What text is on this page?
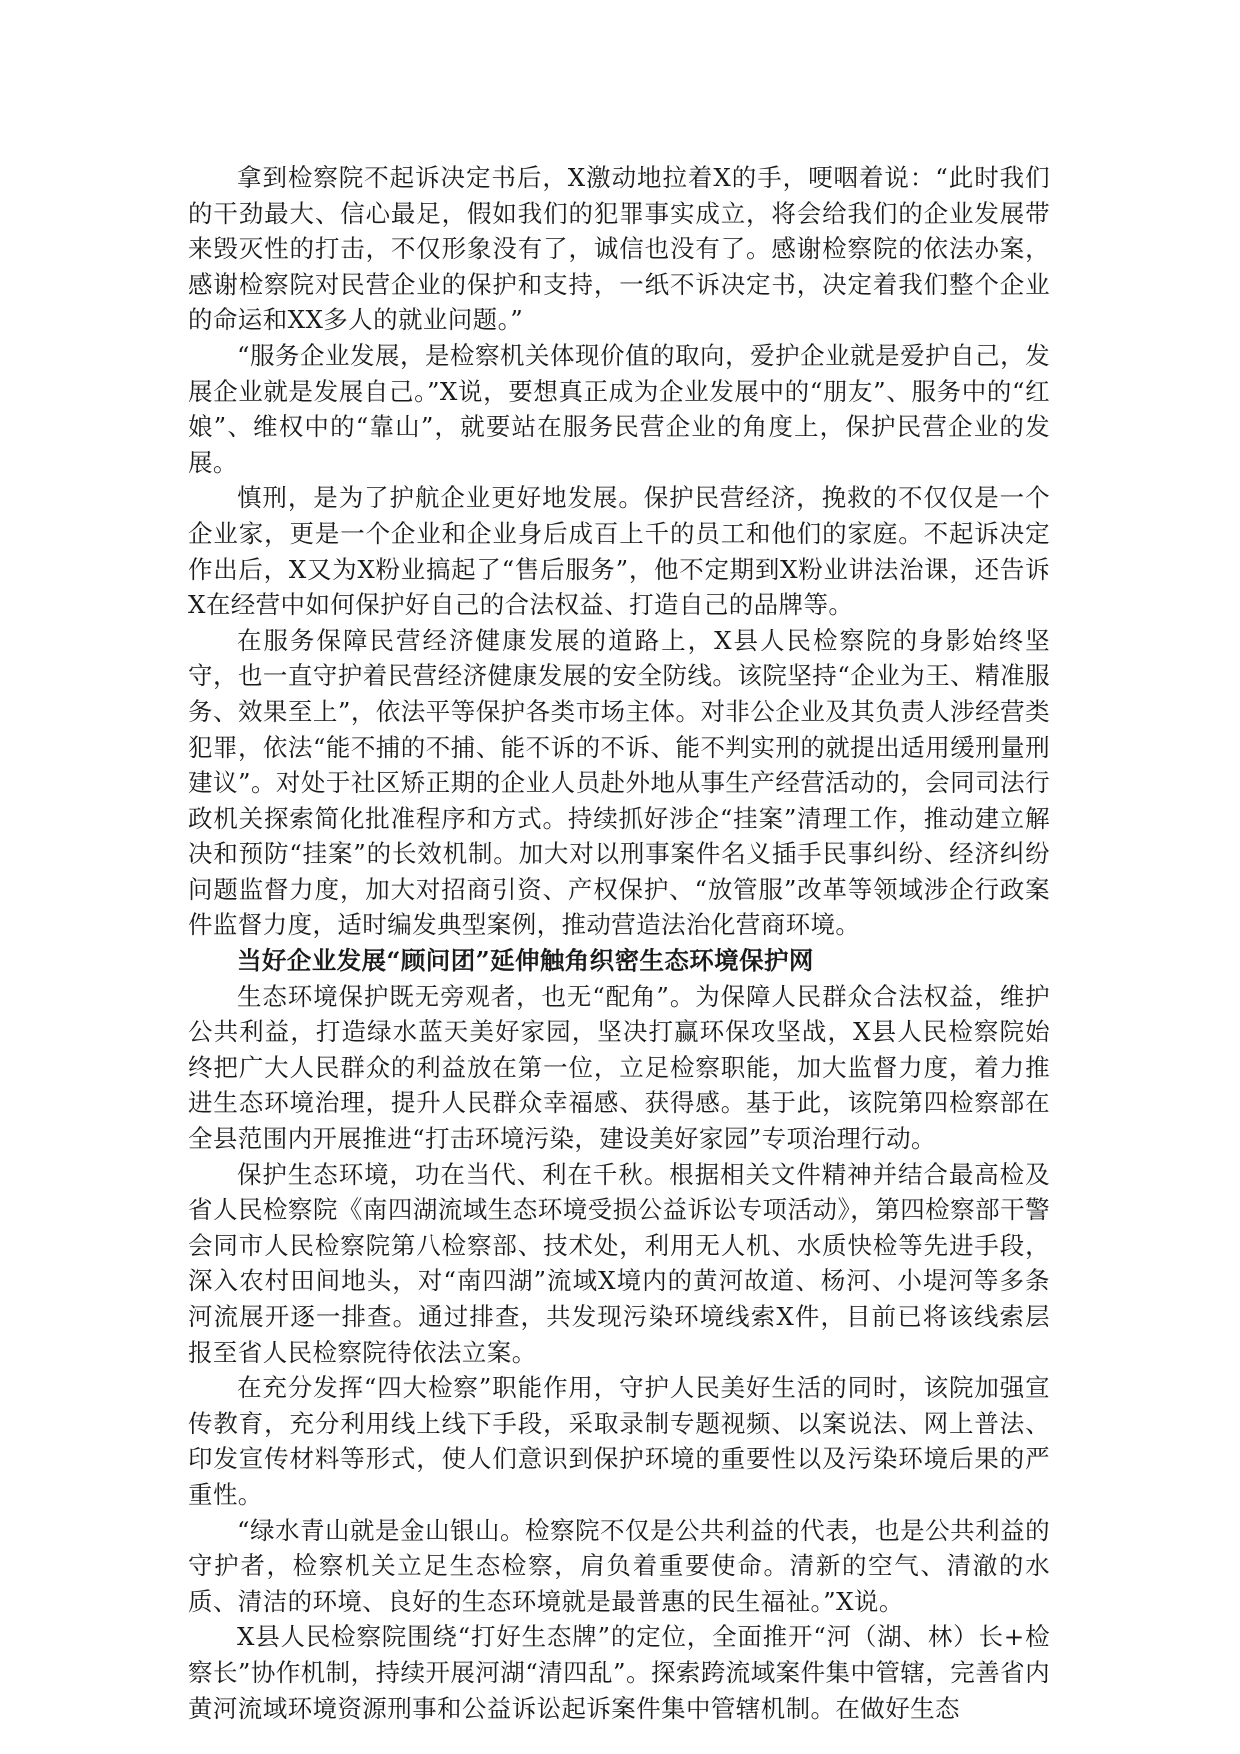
拿到检察院不起诉决定书后，X激动地拉着X的手，哽咽着说：“此时我们的干劲最大、信心最足，假如我们的犯罪事实成立，将会给我们的企业发展带来毁灭性的打击，不仅形象没有了，诚信也没有了。感谢检察院的依法办案，感谢检察院对民营企业的保护和支持，一纸不诉决定书，决定着我们整个企业的命运和XX多人的就业问题。”

“服务企业发展，是检察机关体现价值的取向，爱护企业就是爱护自己，发展企业就是发展自己。”X说，要想真正成为企业发展中的“朋友”、服务中的“红娘”、维权中的“靠山”，就要站在服务民营企业的角度上，保护民营企业的发展。

慎刑，是为了护航企业更好地发展。保护民营经济，挽救的不仅仅是一个企业家，更是一个企业和企业身后成百上千的员工和他们的家庭。不起诉决定作出后，X又为X粉业搞起了“售后服务”，他不定期到X粉业讲法治课，还告诉X在经营中如何保护好自己的合法权益、打造自己的品牌等。

在服务保障民营经济健康发展的道路上，X县人民检察院的身影始终坚守，也一直守护着民营经济健康发展的安全防线。该院坚持“企业为王、精准服务、效果至上”，依法平等保护各类市场主体。对非公企业及其负责人涉经营类犯罪，依法“能不捕的不捕、能不诉的不诉、能不判实刑的就提出适用缓刑量刑建议”。对处于社区矫正期的企业人员赴外地从事生产经营活动的，会同司法行政机关探索简化批准程序和方式。持续抓好涉企“挂案”清理工作，推动建立解决和预防“挂案”的长效机制。加大对以刑事案件名义插手民事纠纷、经济纠纷问题监督力度，加大对招商引资、产权保护、“放管服”改革等领域涉企行政案件监督力度，适时编发典型案例，推动营造法治化营商环境。

当好企业发展“顾问团”延伸触角织密生态环境保护网

生态环境保护既无旁观者，也无“配角”。为保障人民群众合法权益，维护公共利益，打造绿水蓝天美好家园，坚决打赢环保攻坚战，X县人民检察院始终把广大人民群众的利益放在第一位，立足检察职能，加大监督力度，着力推进生态环境治理，提升人民群众幸福感、获得感。基于此，该院第四检察部在全县范围内开展推进“打击环境污染，建设美好家园”专项治理行动。

保护生态环境，功在当代、利在千秋。根据相关文件精神并结合最高检及省人民检察院《南四湖流域生态环境受损公益诉讼专项活动》，第四检察部干警会同市人民检察院第八检察部、技术处，利用无人机、水质快检等先进手段，深入农村田间地头，对“南四湖”流域X境内的黄河故道、杨河、小堤河等多条河流展开逐一排查。通过排查，共发现污染环境线索X件，目前已将该线索层报至省人民检察院待依法立案。

在充分发挥“四大检察”职能作用，守护人民美好生活的同时，该院加强宣传教育，充分利用线上线下手段，采取录制专题视频、以案说法、网上普法、印发宣传材料等形式，使人们意识到保护环境的重要性以及污染环境后果的严重性。

“绿水青山就是金山银山。检察院不仅是公共利益的代表，也是公共利益的守护者，检察机关立足生态检察，肩负着重要使命。清新的空气、清澈的水质、清洁的环境、良好的生态环境就是最普惠的民生福祉。”X说。

X县人民检察院围绕“打好生态牌”的定位，全面推开“河（湖、林）长+检察长”协作机制，持续开展河湖“清四乱”。探索跨流域案件集中管辖，完善省内黄河流域环境资源刑事和公益诉讼起诉案件集中管辖机制。在做好生态
